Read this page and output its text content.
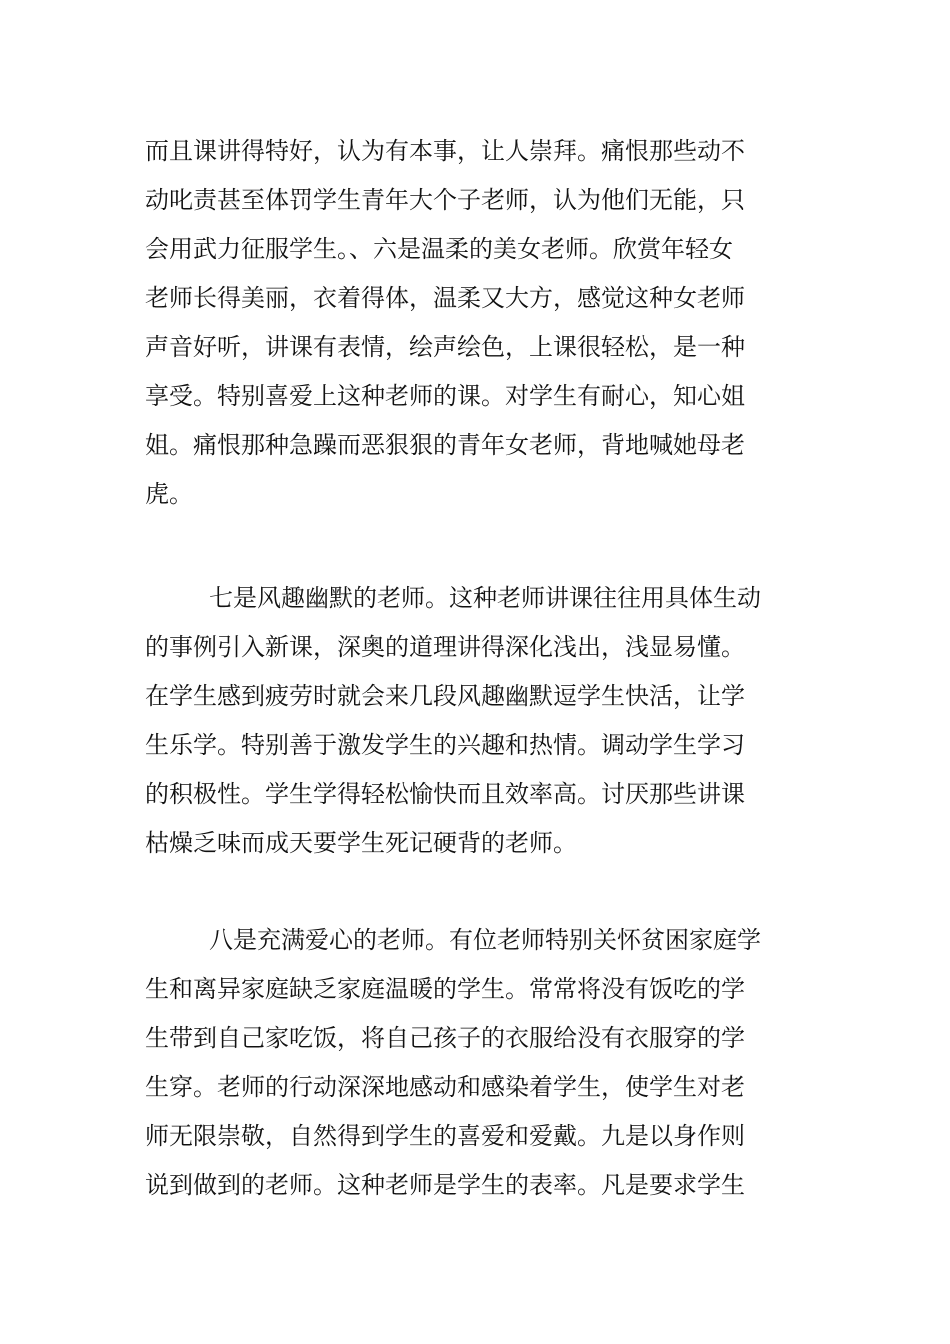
而且课讲得特好，认为有本事，让人崇拜。痛恨那些动不
动叱责甚至体罚学生青年大个子老师，认为他们无能，只
会用武力征服学生。、六是温柔的美女老师。欣赏年轻女
老师长得美丽，衣着得体，温柔又大方，感觉这种女老师
声音好听，讲课有表情，绘声绘色，上课很轻松，是一种
享受。特别喜爱上这种老师的课。对学生有耐心，知心姐
姐。痛恨那种急躁而恶狠狠的青年女老师，背地喊她母老
虎。
七是风趣幽默的老师。这种老师讲课往往用具体生动
的事例引入新课，深奥的道理讲得深化浅出，浅显易懂。
在学生感到疲劳时就会来几段风趣幽默逗学生快活，让学
生乐学。特别善于激发学生的兴趣和热情。调动学生学习
的积极性。学生学得轻松愉快而且效率高。讨厌那些讲课
枯燥乏味而成天要学生死记硬背的老师。
八是充满爱心的老师。有位老师特别关怀贫困家庭学
生和离异家庭缺乏家庭温暖的学生。常常将没有饭吃的学
生带到自己家吃饭，将自己孩子的衣服给没有衣服穿的学
生穿。老师的行动深深地感动和感染着学生，使学生对老
师无限崇敬，自然得到学生的喜爱和爱戴。九是以身作则
说到做到的老师。这种老师是学生的表率。凡是要求学生
